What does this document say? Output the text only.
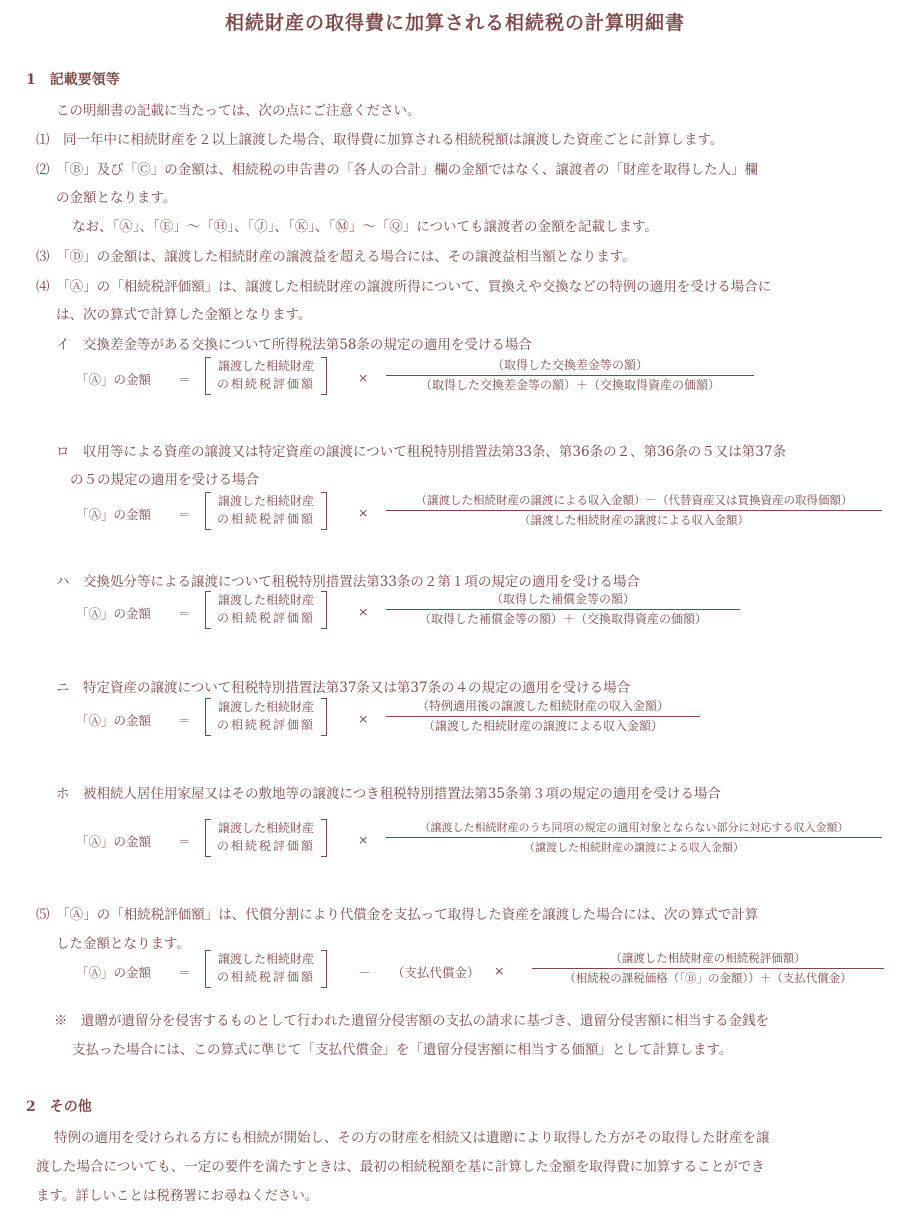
相続財産の取得費に加算される相続税の計算明細書
1　記載要領等
この明細書の記載に当たっては、次の点にご注意ください。
⑴　同一年中に相続財産を２以上譲渡した場合、取得費に加算される相続税額は譲渡した資産ごとに計算します。
⑵　「Ⓑ」及び「Ⓒ」の金額は、相続税の申告書の「各人の合計」欄の金額ではなく、譲渡者の「財産を取得した人」欄
の金額となります。
なお、「Ⓐ」、「Ⓔ」～「Ⓗ」、「Ⓙ」、「Ⓚ」、「Ⓜ」～「Ⓠ」についても譲渡者の金額を記載します。
⑶　「Ⓓ」の金額は、譲渡した相続財産の譲渡益を超える場合には、その譲渡益相当額となります。
⑷　「Ⓐ」の「相続税評価額」は、譲渡した相続財産の譲渡所得について、買換えや交換などの特例の適用を受ける場合に
は、次の算式で計算した金額となります。
イ　交換差金等がある交換について所得税法第58条の規定の適用を受ける場合
「Ⓐ」の金額 ＝
譲渡した相続財産
の相続税評価額	×
（取得した交換差金等の額）
（取得した交換差金等の額）＋（交換取得資産の価額）
ロ　収用等による資産の譲渡又は特定資産の譲渡について租税特別措置法第33条、第36条の２、第36条の５又は第37条
の５の規定の適用を受ける場合
「Ⓐ」の金額 ＝
譲渡した相続財産
の相続税評価額	×
（譲渡した相続財産の譲渡による収入金額）－（代替資産又は買換資産の取得価額）
（譲渡した相続財産の譲渡による収入金額）
ハ　交換処分等による譲渡について租税特別措置法第33条の２第１項の規定の適用を受ける場合
「Ⓐ」の金額 ＝
譲渡した相続財産
の相続税評価額	×
（取得した補償金等の額）
（取得した補償金等の額）＋（交換取得資産の価額）
ニ　特定資産の譲渡について租税特別措置法第37条又は第37条の４の規定の適用を受ける場合
「Ⓐ」の金額 ＝
譲渡した相続財産
の相続税評価額	×
（特例適用後の譲渡した相続財産の収入金額）
（譲渡した相続財産の譲渡による収入金額）
ホ　被相続人居住用家屋又はその敷地等の譲渡につき租税特別措置法第35条第３項の規定の適用を受ける場合
「Ⓐ」の金額 ＝
譲渡した相続財産
の相続税評価額	×
（譲渡した相続財産のうち同項の規定の適用対象とならない部分に対応する収入金額）
（譲渡した相続財産の譲渡による収入金額）
⑸　「Ⓐ」の「相続税評価額」は、代償分割により代償金を支払って取得した資産を譲渡した場合には、次の算式で計算
した金額となります。
「Ⓐ」の金額 ＝
譲渡した相続財産
の相続税評価額	－ （支払代償金） ×
（譲渡した相続財産の相続税評価額）
（相続税の課税価格（「Ⓑ」の金額））＋（支払代償金）
※　遺贈が遺留分を侵害するものとして行われた遺留分侵害額の支払の請求に基づき、遺留分侵害額に相当する金銭を
支払った場合には、この算式に準じて「支払代償金」を「遺留分侵害額に相当する価額」として計算します。
2　その他
特例の適用を受けられる方にも相続が開始し、その方の財産を相続又は遺贈により取得した方がその取得した財産を譲
渡した場合についても、一定の要件を満たすときは、最初の相続税額を基に計算した金額を取得費に加算することができ
ます。詳しいことは税務署にお尋ねください。
